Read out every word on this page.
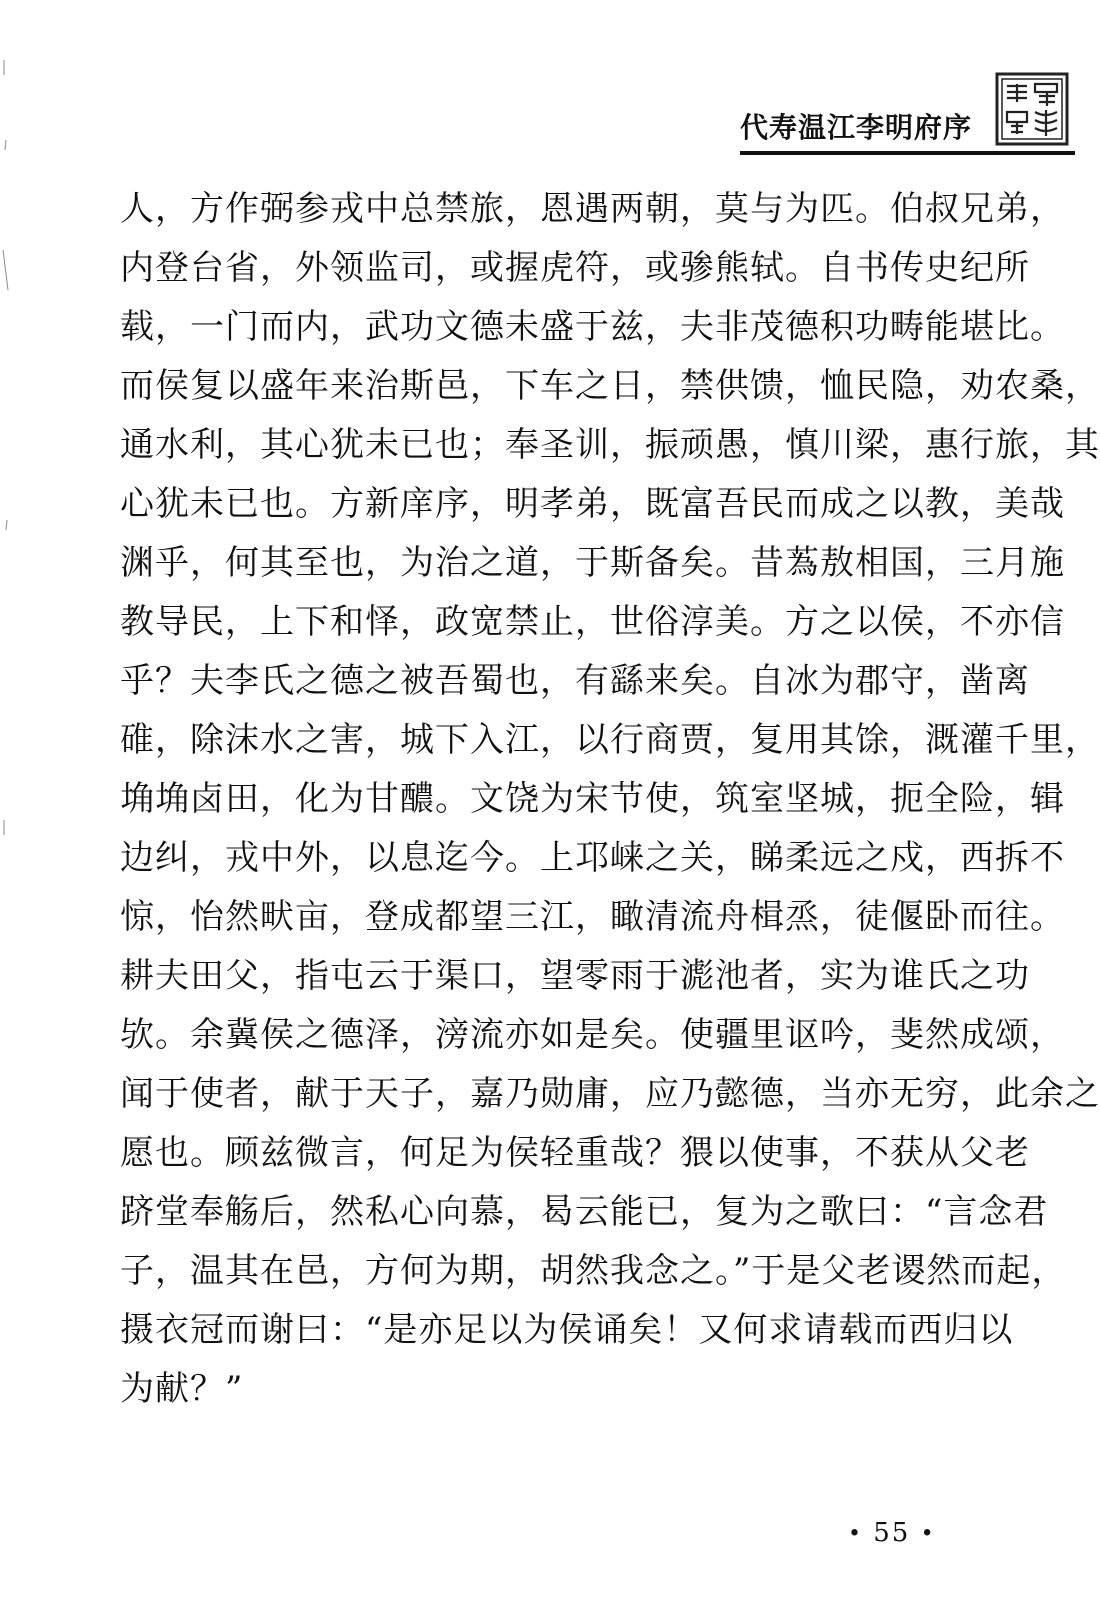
代寿温江李明府序
人，方作弼参戎中总禁旅，恩遇两朝，莫与为匹。伯叔兄弟，
内登台省，外领监司，或握虎符，或骖熊轼。自书传史纪所
载，一门而内，武功文德未盛于兹，夫非茂德积功畴能堪比。
而侯复以盛年来治斯邑，下车之日，禁供馈，恤民隐，劝农桑，
通水利，其心犹未已也；奉圣训，振顽愚，慎川梁，惠行旅，其
心犹未已也。方新庠序，明孝弟，既富吾民而成之以教，美哉
渊乎，何其至也，为治之道，于斯备矣。昔蒍敖相国，三月施
教导民，上下和怿，政宽禁止，世俗淳美。方之以侯，不亦信
乎？夫李氏之德之被吾蜀也，有繇来矣。自冰为郡守，凿离
碓，除沫水之害，城下入江，以行商贾，复用其馀，溉灌千里，
埆埆卤田，化为甘醲。文饶为宋节使，筑室坚城，扼全险，辑
边纠，戎中外，以息迄今。上邛崃之关，睇柔远之戍，西拆不
惊，怡然畎亩，登成都望三江，瞰清流舟楫烝，徒偃卧而往。
耕夫田父，指屯云于渠口，望零雨于滮池者，实为谁氏之功
欤。余冀侯之德泽，滂流亦如是矣。使疆里讴吟，斐然成颂，
闻于使者，献于天子，嘉乃勋庸，应乃懿德，当亦无穷，此余之
愿也。顾兹微言，何足为侯轻重哉？猥以使事，不获从父老
跻堂奉觞后，然私心向慕，曷云能已，复为之歌曰：“言念君
子，温其在邑，方何为期，胡然我念之。”于是父老谡然而起，
摄衣冠而谢曰：“是亦足以为侯诵矣！又何求请载而西归以
为献？”
• 55 •
